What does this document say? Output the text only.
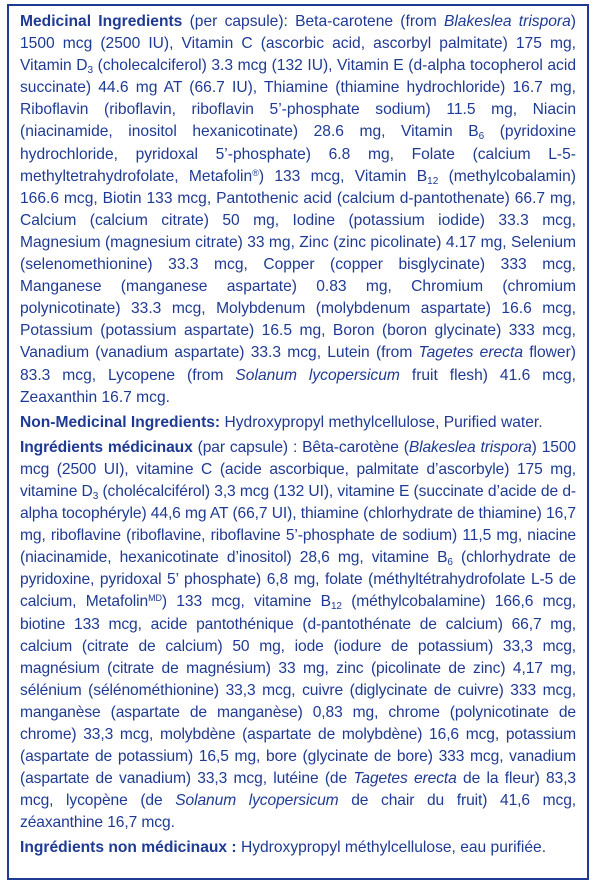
Medicinal Ingredients (per capsule): Beta-carotene (from Blakeslea trispora) 1500 mcg (2500 IU), Vitamin C (ascorbic acid, ascorbyl palmitate) 175 mg, Vitamin $D_3$ (cholecalciferol) 3.3 mcg (132 IU), Vitamin E (d-alpha tocopherol acid succinate) 44.6 mg AT (66.7 IU), Thiamine (thiamine hydrochloride) 16.7 mg, Riboflavin (riboflavin, riboflavin 5’-phosphate sodium) 11.5 mg, Niacin (niacinamide, inositol hexanicotinate) 28.6 mg, Vitamin $B_6$ (pyridoxine hydrochloride, pyridoxal 5’-phosphate) 6.8 mg, Folate (calcium L-5-methyltetrahydrofolate, Metafolin®) 133 mcg, Vitamin $B_{12}$ (methylcobalamin) 166.6 mcg, Biotin 133 mcg, Pantothenic acid (calcium d-pantothenate) 66.7 mg, Calcium (calcium citrate) 50 mg, Iodine (potassium iodide) 33.3 mcg, Magnesium (magnesium citrate) 33 mg, Zinc (zinc picolinate) 4.17 mg, Selenium (selenomethionine) 33.3 mcg, Copper (copper bisglycinate) 333 mcg, Manganese (manganese aspartate) 0.83 mg, Chromium (chromium polynicotinate) 33.3 mcg, Molybdenum (molybdenum aspartate) 16.6 mcg, Potassium (potassium aspartate) 16.5 mg, Boron (boron glycinate) 333 mcg, Vanadium (vanadium aspartate) 33.3 mcg, Lutein (from Tagetes erecta flower) 83.3 mcg, Lycopene (from Solanum lycopersicum fruit flesh) 41.6 mcg, Zeaxanthin 16.7 mcg.

Non-Medicinal Ingredients: Hydroxypropyl methylcellulose, Purified water.

Ingrédients médicinaux (par capsule) : Bêta-carotène (Blakeslea trispora) 1500 mcg (2500 UI), vitamine C (acide ascorbique, palmitate d’ascorbyle) 175 mg, vitamine $D_3$ (cholécalciférol) 3,3 mcg (132 UI), vitamine E (succinate d’acide de d-alpha tocophéryle) 44,6 mg AT (66,7 UI), thiamine (chlorhydrate de thiamine) 16,7 mg, riboflavine (riboflavine, riboflavine 5’-phosphate de sodium) 11,5 mg, niacine (niacinamide, hexanicotinate d’inositol) 28,6 mg, vitamine $B_6$ (chlorhydrate de pyridoxine, pyridoxal 5’ phosphate) 6,8 mg, folate (méthyltétrahydrofolate L-5 de calcium, Metafolin$^{MD}$) 133 mcg, vitamine $B_{12}$ (méthylcobalamine) 166,6 mcg, biotine 133 mcg, acide pantothénique (d-pantothénate de calcium) 66,7 mg, calcium (citrate de calcium) 50 mg, iode (iodure de potassium) 33,3 mcg, magnésium (citrate de magnésium) 33 mg, zinc (picolinate de zinc) 4,17 mg, sélénium (sélénométhionine) 33,3 mcg, cuivre (diglycinate de cuivre) 333 mcg, manganèse (aspartate de manganèse) 0,83 mg, chrome (polynicotinate de chrome) 33,3 mcg, molybdène (aspartate de molybdène) 16,6 mcg, potassium (aspartate de potassium) 16,5 mg, bore (glycinate de bore) 333 mcg, vanadium (aspartate de vanadium) 33,3 mcg, lutéine (de Tagetes erecta de la fleur) 83,3 mcg, lycopène (de Solanum lycopersicum de chair du fruit) 41,6 mcg, zéaxanthine 16,7 mcg.

Ingrédients non médicinaux : Hydroxypropyl méthylcellulose, eau purifiée.
